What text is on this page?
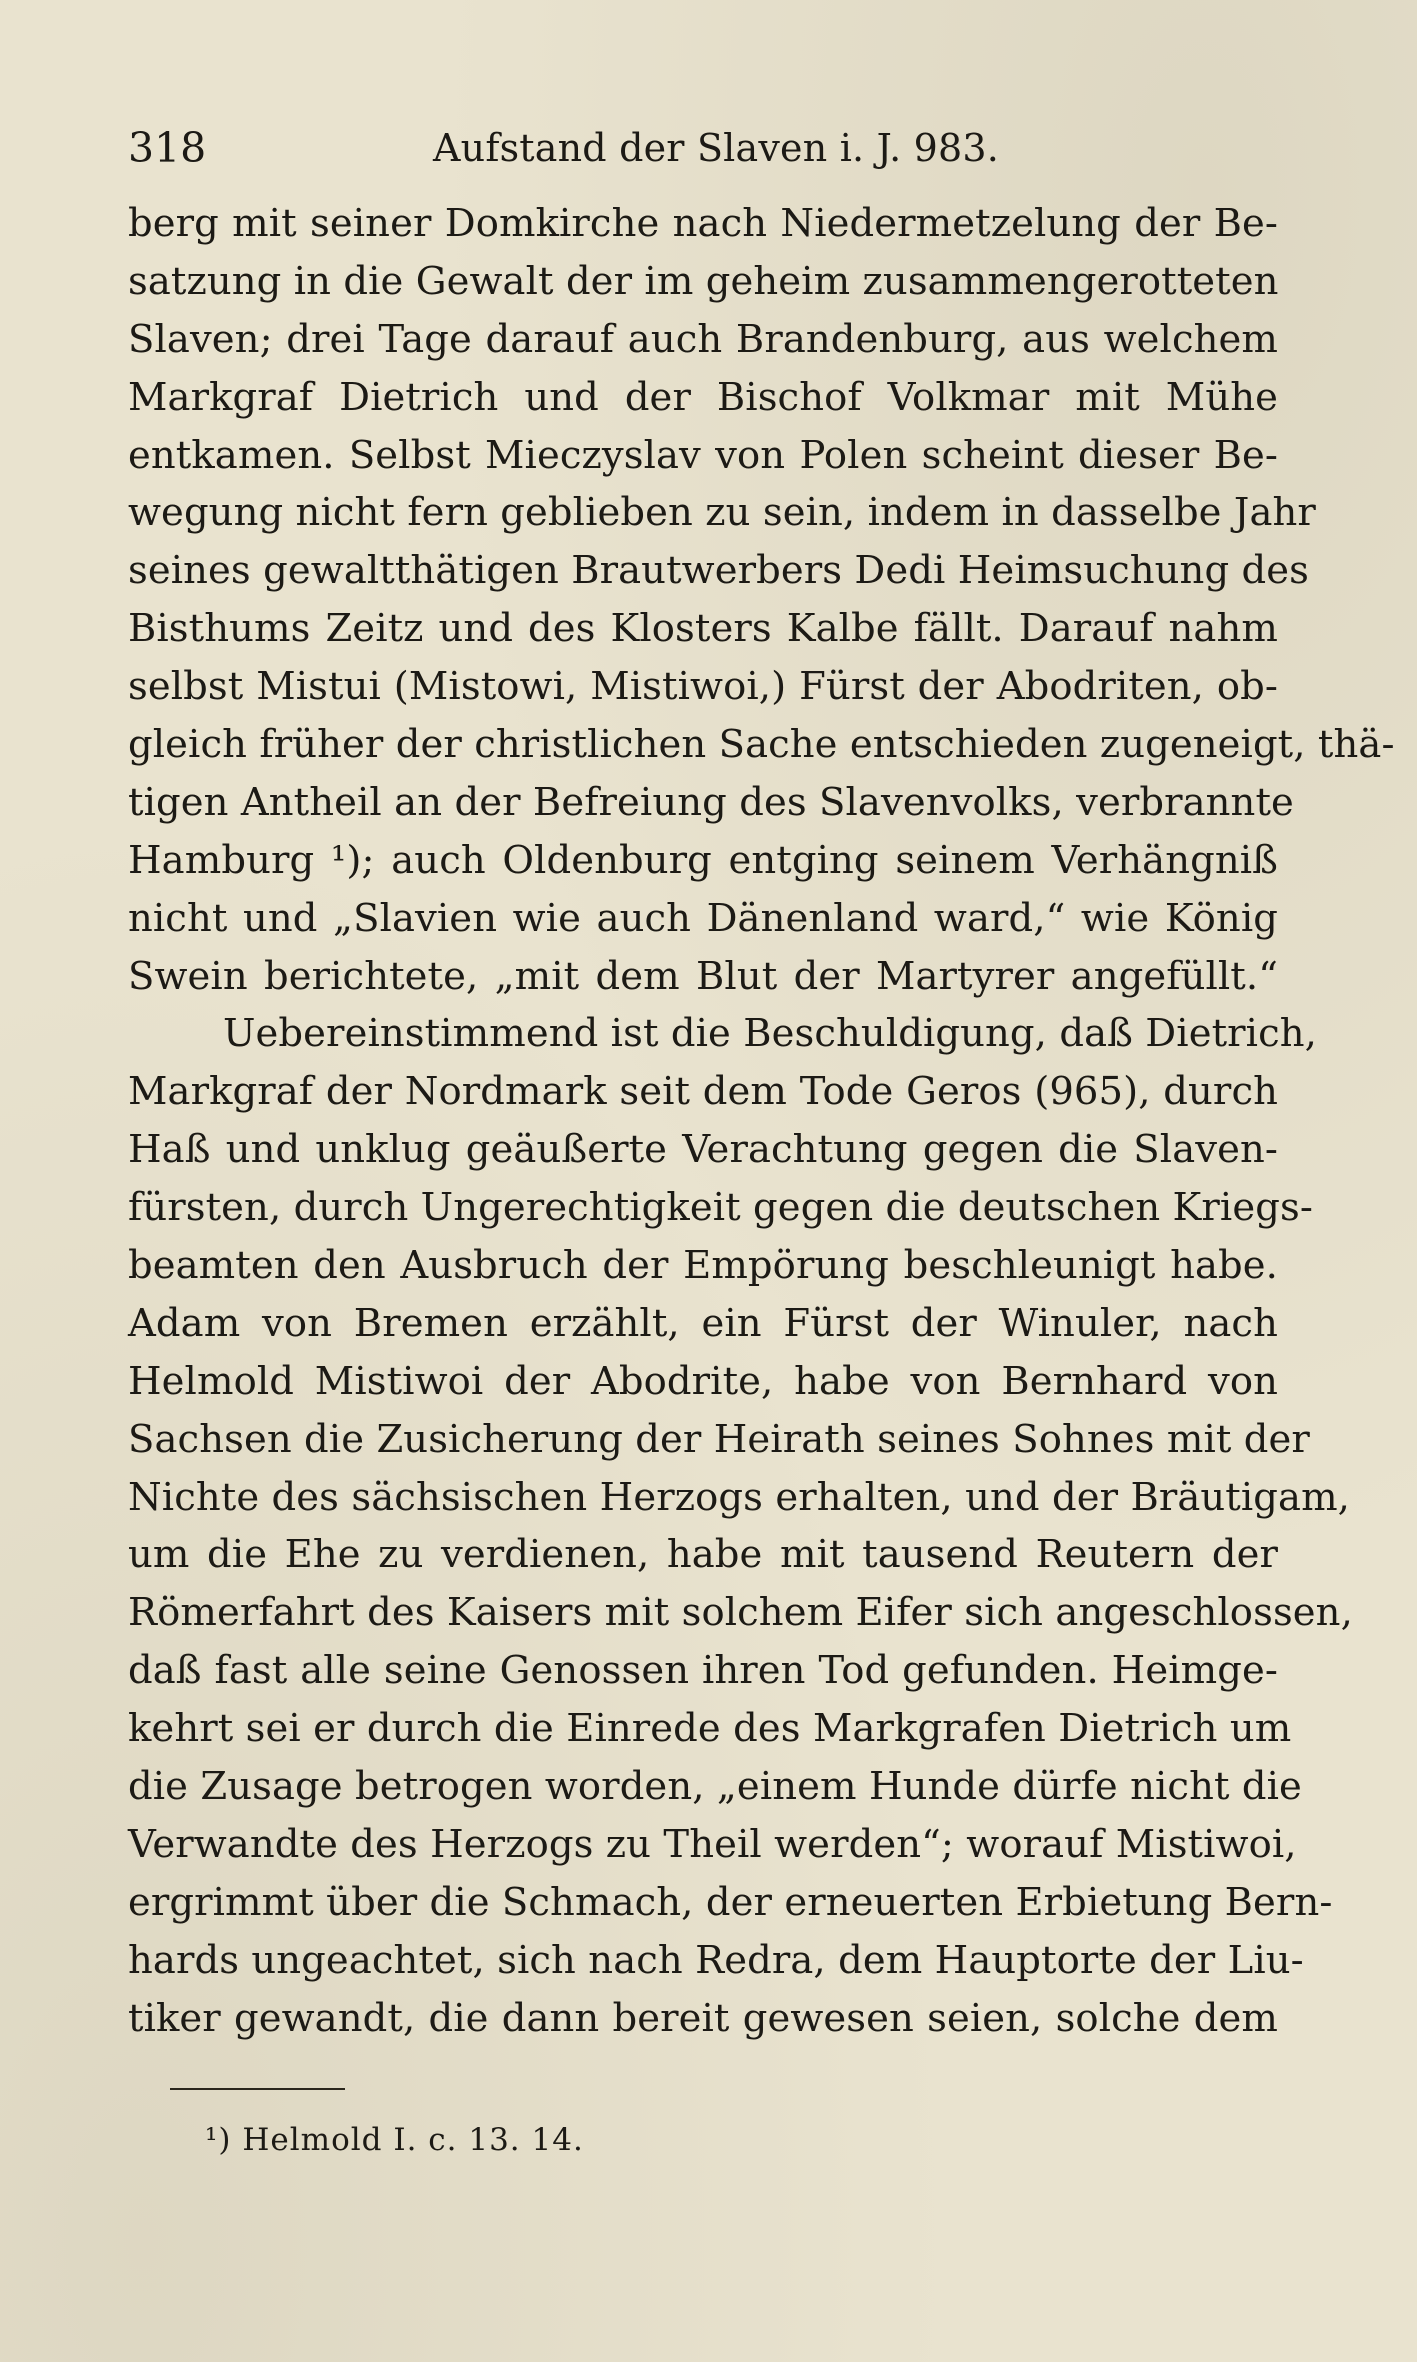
318	Aufstand der Slaven i. J. 983.
berg mit seiner Domkirche nach Niedermetzelung der Be-
satzung in die Gewalt der im geheim zusammengerotteten
Slaven; drei Tage darauf auch Brandenburg, aus welchem
Markgraf Dietrich und der Bischof Volkmar mit Mühe
entkamen. Selbst Mieczyslav von Polen scheint dieser Be-
wegung nicht fern geblieben zu sein, indem in dasselbe Jahr
seines gewaltthätigen Brautwerbers Dedi Heimsuchung des
Bisthums Zeitz und des Klosters Kalbe fällt. Darauf nahm
selbst Mistui (Mistowi, Mistiwoi,) Fürst der Abodriten, ob-
gleich früher der christlichen Sache entschieden zugeneigt, thä-
tigen Antheil an der Befreiung des Slavenvolks, verbrannte
Hamburg ¹); auch Oldenburg entging seinem Verhängniß
nicht und „Slavien wie auch Dänenland ward,“ wie König
Swein berichtete, „mit dem Blut der Martyrer angefüllt.“
Uebereinstimmend ist die Beschuldigung, daß Dietrich,
Markgraf der Nordmark seit dem Tode Geros (965), durch
Haß und unklug geäußerte Verachtung gegen die Slaven-
fürsten, durch Ungerechtigkeit gegen die deutschen Kriegs-
beamten den Ausbruch der Empörung beschleunigt habe.
Adam von Bremen erzählt, ein Fürst der Winuler, nach
Helmold Mistiwoi der Abodrite, habe von Bernhard von
Sachsen die Zusicherung der Heirath seines Sohnes mit der
Nichte des sächsischen Herzogs erhalten, und der Bräutigam,
um die Ehe zu verdienen, habe mit tausend Reutern der
Römerfahrt des Kaisers mit solchem Eifer sich angeschlossen,
daß fast alle seine Genossen ihren Tod gefunden. Heimge-
kehrt sei er durch die Einrede des Markgrafen Dietrich um
die Zusage betrogen worden, „einem Hunde dürfe nicht die
Verwandte des Herzogs zu Theil werden“; worauf Mistiwoi,
ergrimmt über die Schmach, der erneuerten Erbietung Bern-
hards ungeachtet, sich nach Redra, dem Hauptorte der Liu-
tiker gewandt, die dann bereit gewesen seien, solche dem
¹) Helmold I. c. 13. 14.
